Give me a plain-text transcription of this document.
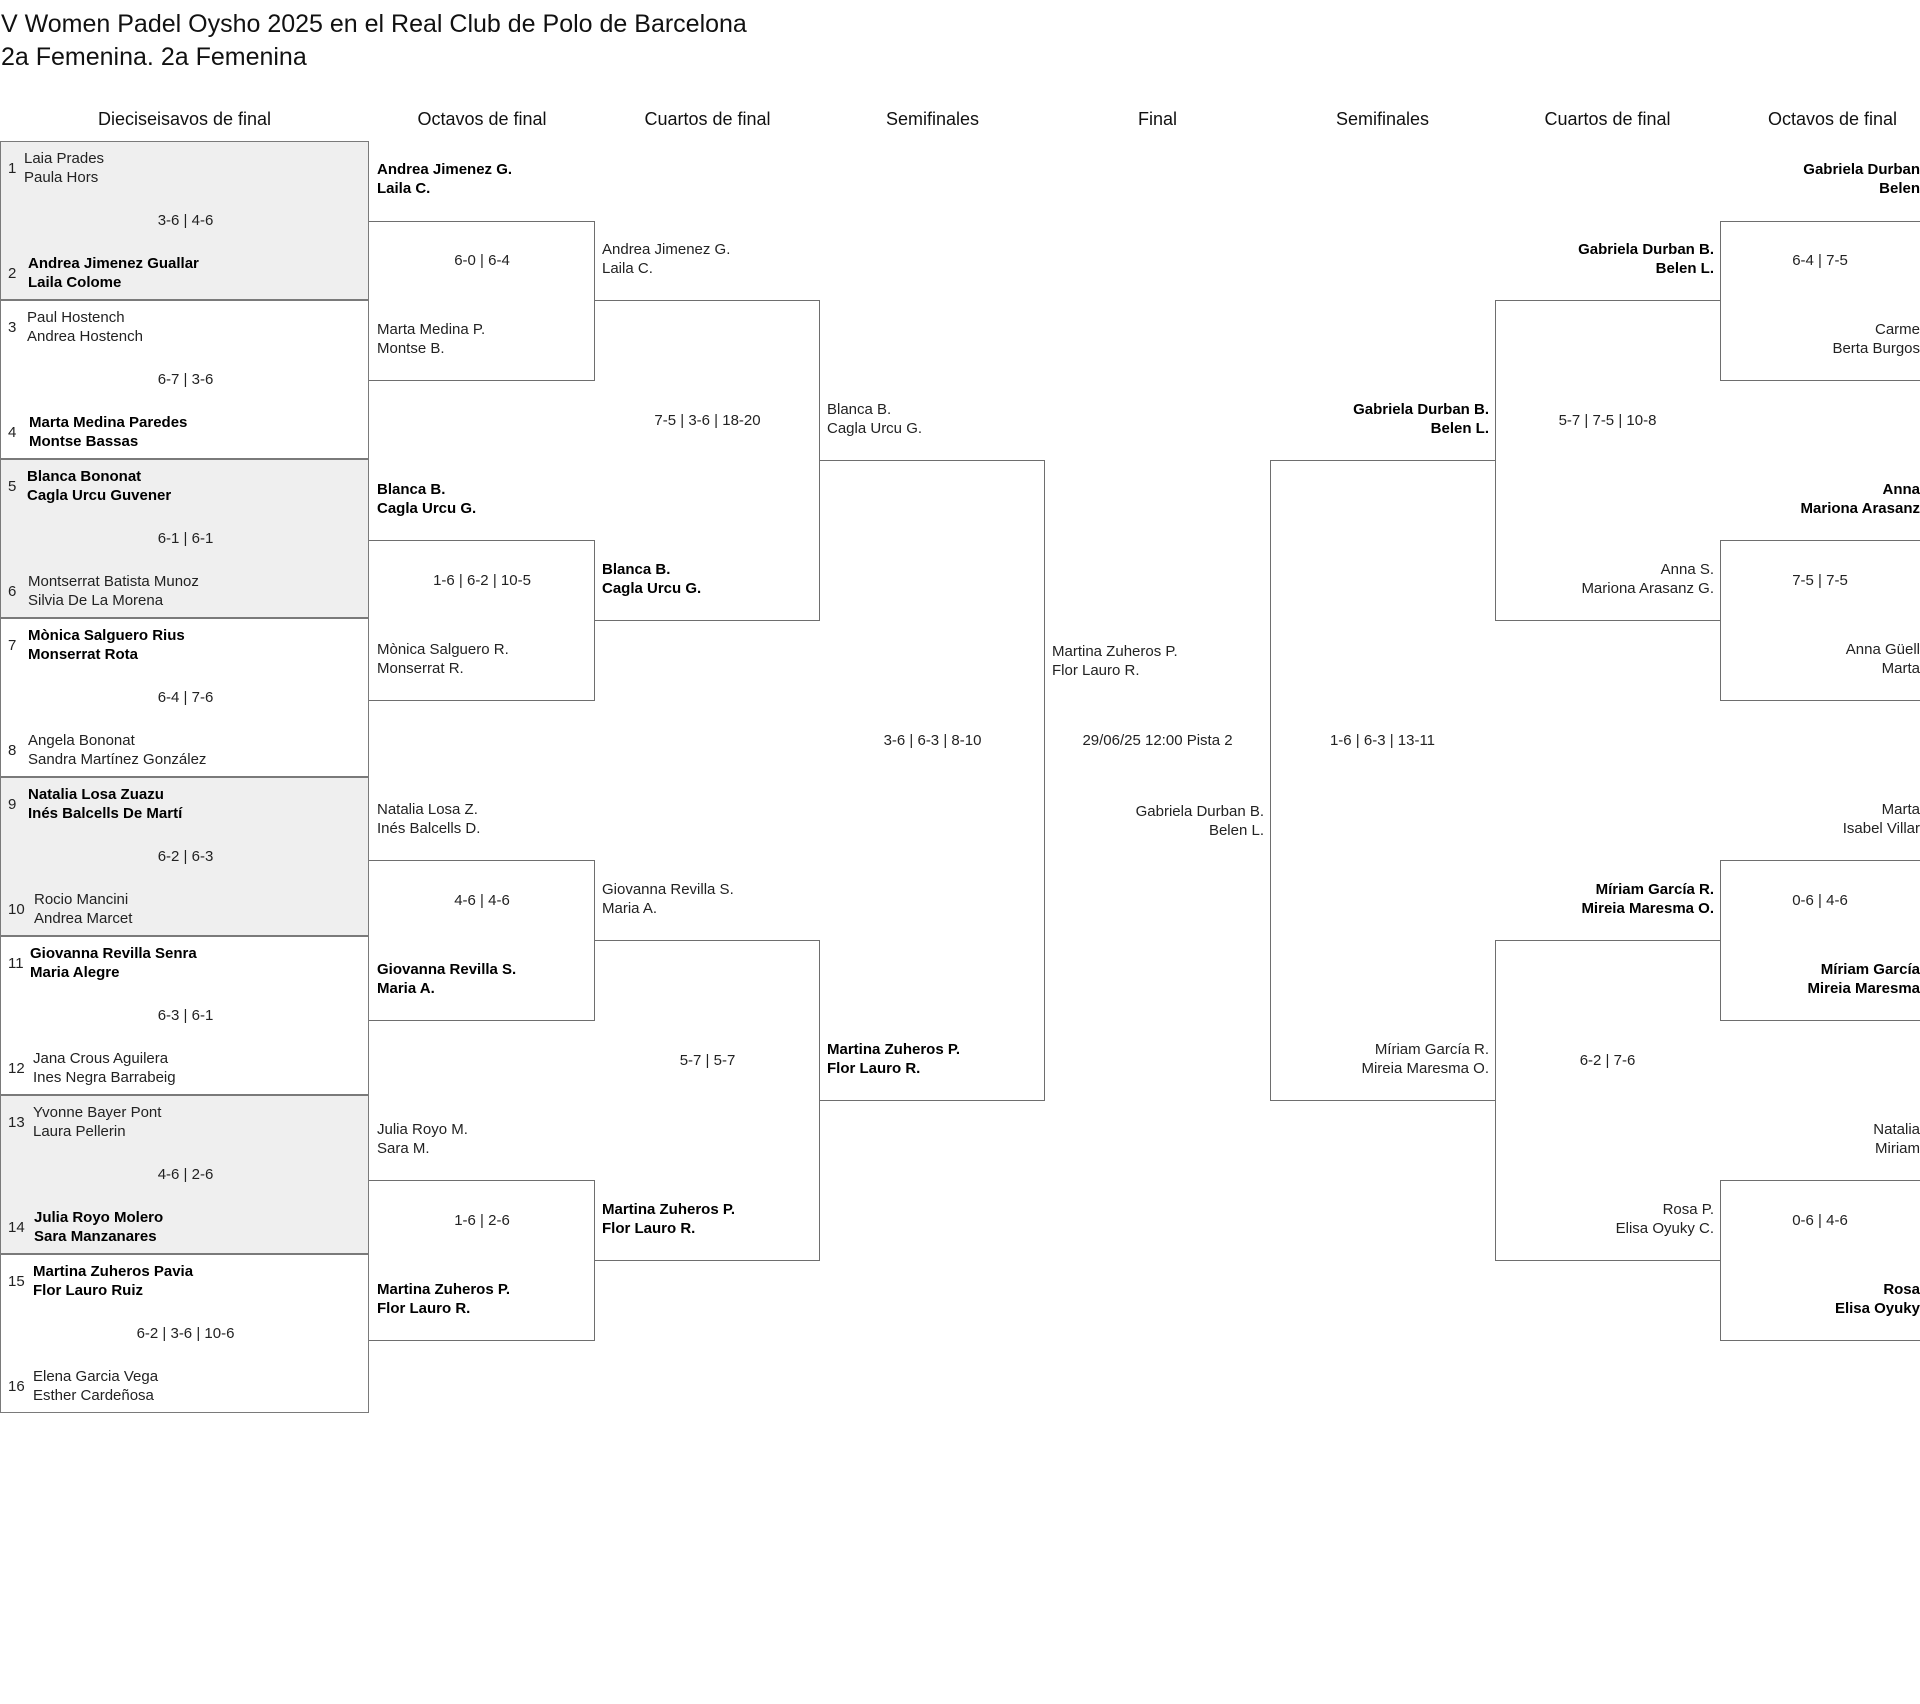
V Women Padel Oysho 2025 en el Real Club de Polo de Barcelona
2a Femenina. 2a Femenina
Dieciseisavos de final	Octavos de final	Cuartos de final	Semifinales	Final	Semifinales	Cuartos de final	Octavos de final
1
Laia Prades
Paula Hors
3-6 | 4-6
2
Andrea Jimenez Guallar
Laila Colome
3
Paul Hostench
Andrea Hostench
6-7 | 3-6
4
Marta Medina Paredes
Montse Bassas
5
Blanca Bononat
Cagla Urcu Guvener
6-1 | 6-1
6
Montserrat Batista Munoz
Silvia De La Morena
7
Mònica Salguero Rius
Monserrat Rota
6-4 | 7-6
8
Angela Bononat
Sandra Martínez González
9
Natalia Losa Zuazu
Inés Balcells De Martí
6-2 | 6-3
10
Rocio Mancini
Andrea Marcet
11
Giovanna Revilla Senra
Maria Alegre
6-3 | 6-1
12
Jana Crous Aguilera
Ines Negra Barrabeig
13
Yvonne Bayer Pont
Laura Pellerin
4-6 | 2-6
14
Julia Royo Molero
Sara Manzanares
15
Martina Zuheros Pavia
Flor Lauro Ruiz
6-2 | 3-6 | 10-6
16
Elena Garcia Vega
Esther Cardeñosa
Andrea Jimenez G.
Laila C.
6-0 | 6-4
Marta Medina P.
Montse B.
Blanca B.
Cagla Urcu G.
1-6 | 6-2 | 10-5
Mònica Salguero R.
Monserrat R.
Natalia Losa Z.
Inés Balcells D.
4-6 | 4-6
Giovanna Revilla S.
Maria A.
Julia Royo M.
Sara M.
1-6 | 2-6
Martina Zuheros P.
Flor Lauro R.
Andrea Jimenez G.
Laila C.
7-5 | 3-6 | 18-20
Blanca B.
Cagla Urcu G.
Giovanna Revilla S.
Maria A.
5-7 | 5-7
Martina Zuheros P.
Flor Lauro R.
Blanca B.
Cagla Urcu G.
3-6 | 6-3 | 8-10
Martina Zuheros P.
Flor Lauro R.
Martina Zuheros P.
Flor Lauro R.
29/06/25 12:00 Pista 2
Gabriela Durban B.
Belen L.
Gabriela Durban B.
Belen L.
1-6 | 6-3 | 13-11
Míriam García R.
Mireia Maresma O.
Gabriela Durban B.
Belen L.
5-7 | 7-5 | 10-8
Anna S.
Mariona Arasanz G.
Míriam García R.
Mireia Maresma O.
6-2 | 7-6
Rosa P.
Elisa Oyuky C.
Gabriela Durban
Belen
6-4 | 7-5
Carme
Berta Burgos
Anna
Mariona Arasanz
7-5 | 7-5
Anna Güell
Marta
Marta
Isabel Villar
0-6 | 4-6
Míriam García
Mireia Maresma
Natalia
Miriam
0-6 | 4-6
Rosa
Elisa Oyuky
